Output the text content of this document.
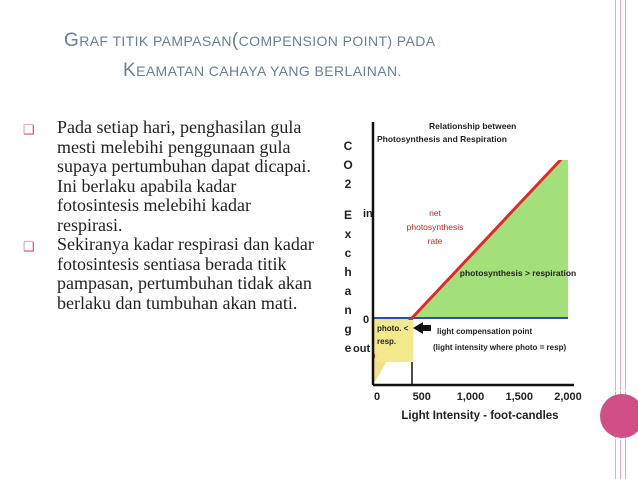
GRAF TITIK PAMPASAN(COMPENSION POINT) PADA
KEAMATAN CAHAYA YANG BERLAINAN.
❑ Pada setiap hari, penghasilan gula mesti melebihi penggunaan gula supaya pertumbuhan dapat dicapai. Ini berlaku apabila kadar fotosintesis melebihi kadar respirasi.
❑ Sekiranya kadar respirasi dan kadar fotosintesis sentiasa berada titik pampasan, pertumbuhan tidak akan berlaku dan tumbuhan akan mati.
Relationship between
Photosynthesis and Respiration
C
O
2
E
x
c
h
a
n
g
e
in
0
out
0	500 1,000 1,500 2,000
Light Intensity - foot-candles
net
photosynthesis
rate
photosynthesis > respiration
photo. <
resp.
light compensation point
(light intensity where photo = resp)
